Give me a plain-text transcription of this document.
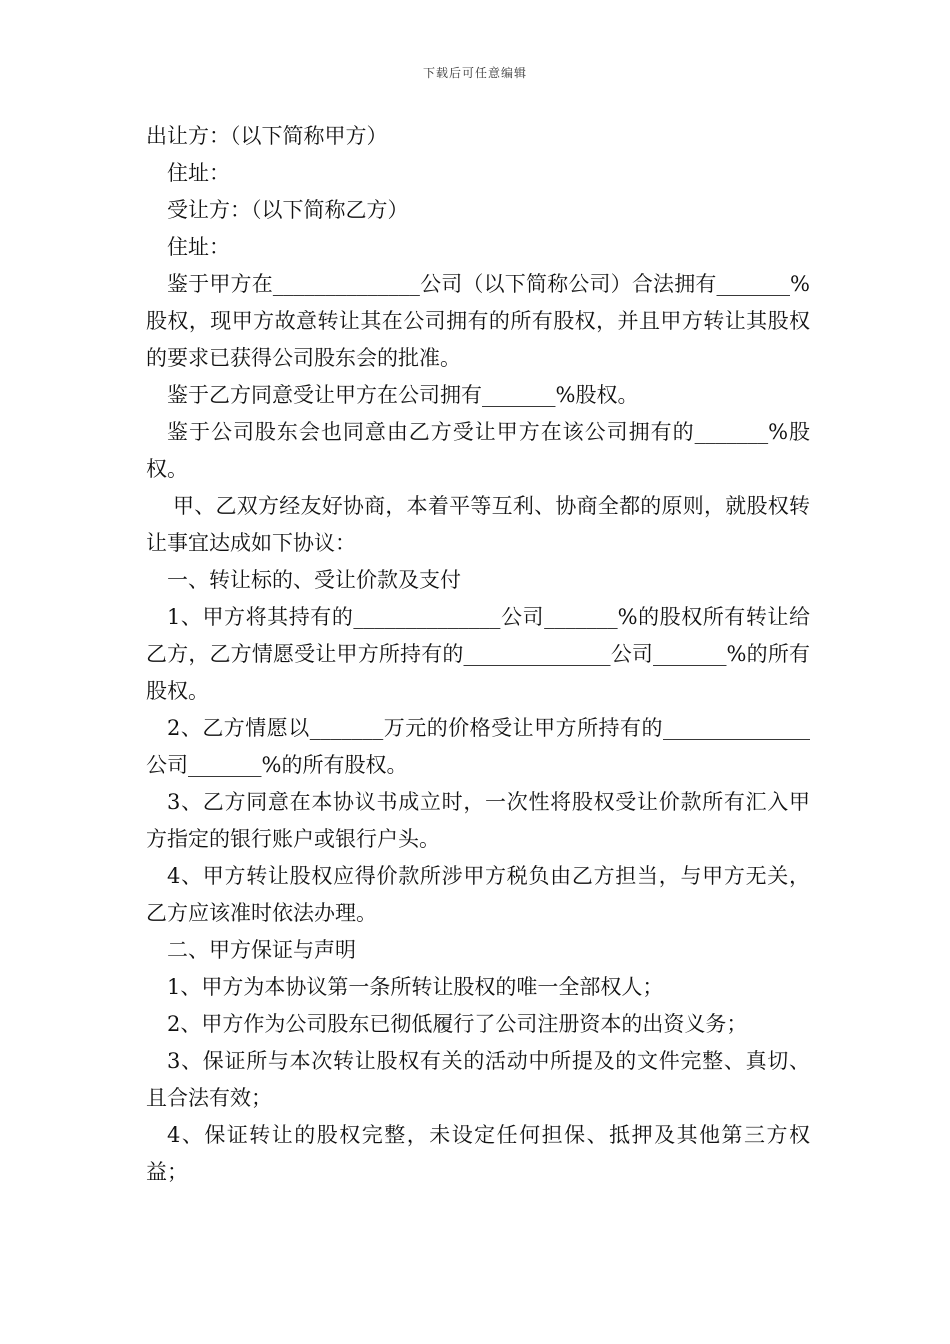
下载后可任意编辑

出让方：（以下简称甲方）

住址：

受让方：（以下简称乙方）

住址：

鉴于甲方在______________公司（以下简称公司）合法拥有_______%股权，现甲方故意转让其在公司拥有的所有股权，并且甲方转让其股权的要求已获得公司股东会的批准。

鉴于乙方同意受让甲方在公司拥有_______%股权。

鉴于公司股东会也同意由乙方受让甲方在该公司拥有的_______%股权。

甲、乙双方经友好协商，本着平等互利、协商全都的原则，就股权转让事宜达成如下协议：

一、转让标的、受让价款及支付

1、甲方将其持有的______________公司_______%的股权所有转让给乙方，乙方情愿受让甲方所持有的______________公司_______%的所有股权。

2、乙方情愿以_______万元的价格受让甲方所持有的______________公司_______%的所有股权。

3、乙方同意在本协议书成立时，一次性将股权受让价款所有汇入甲方指定的银行账户或银行户头。

4、甲方转让股权应得价款所涉甲方税负由乙方担当，与甲方无关，乙方应该准时依法办理。

二、甲方保证与声明

1、甲方为本协议第一条所转让股权的唯一全部权人；

2、甲方作为公司股东已彻低履行了公司注册资本的出资义务；

3、保证所与本次转让股权有关的活动中所提及的文件完整、真切、且合法有效；

4、保证转让的股权完整，未设定任何担保、抵押及其他第三方权益；
